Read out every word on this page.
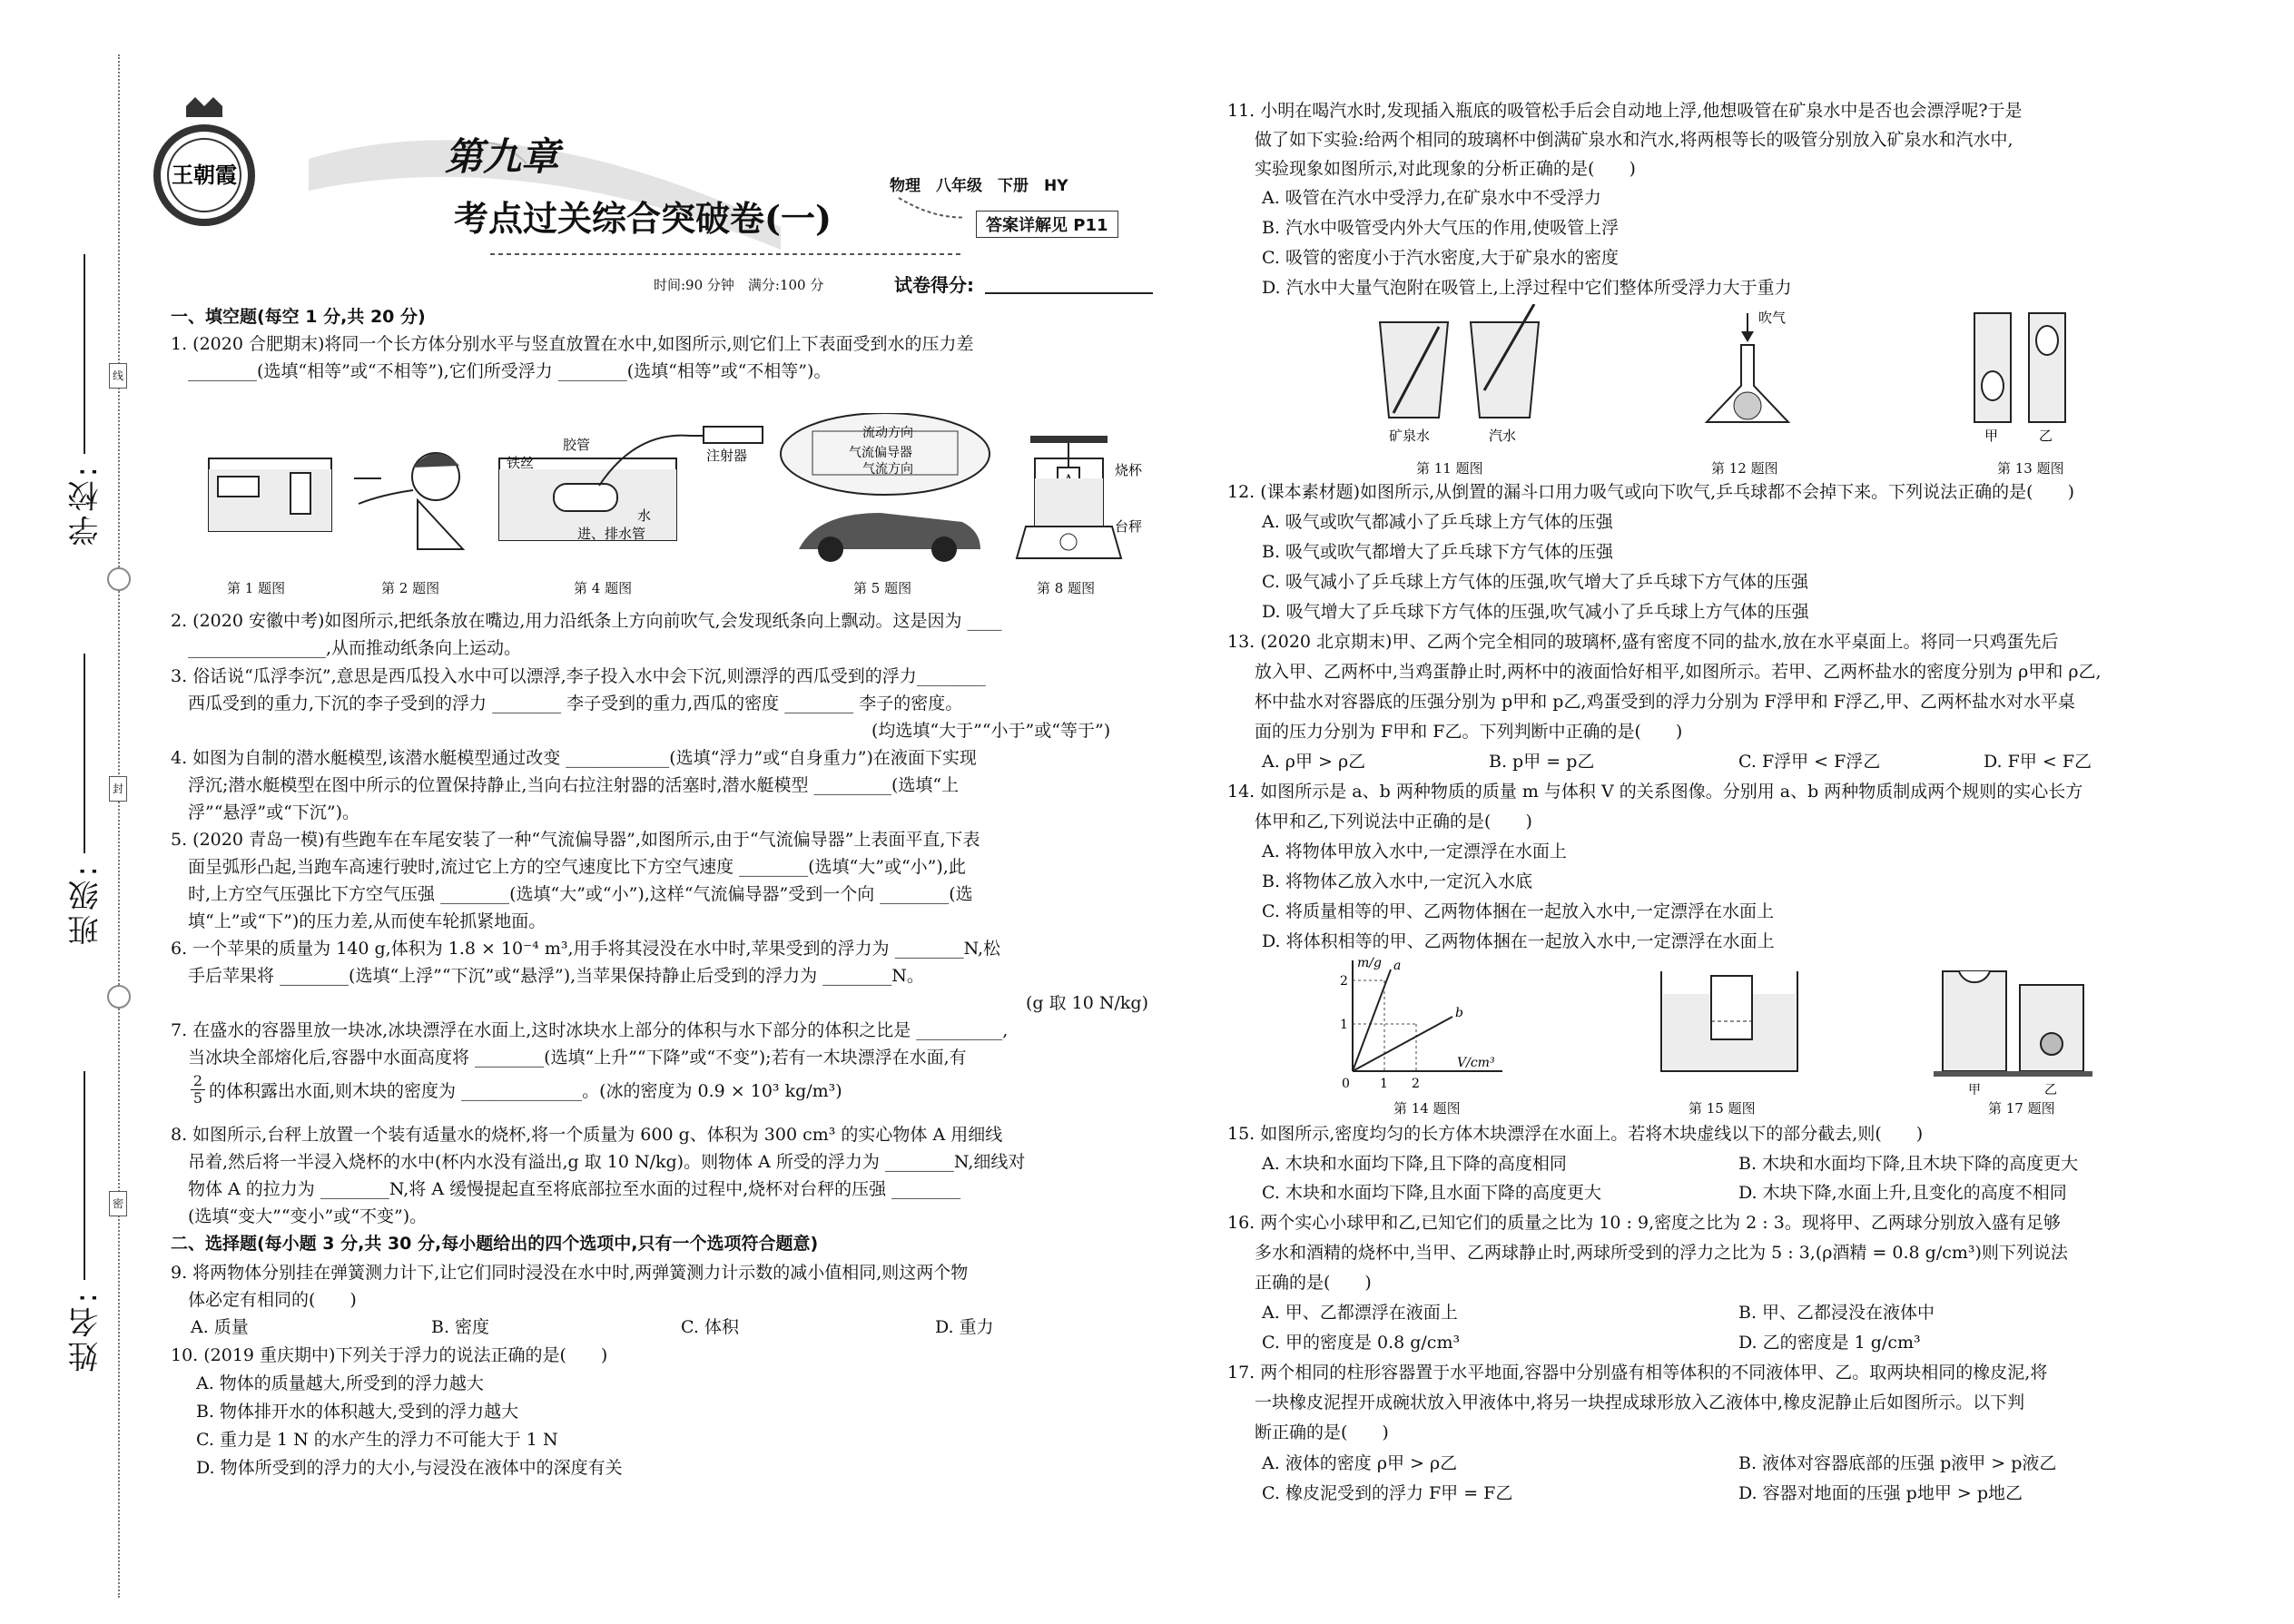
线
封
密
学校:
班级:
姓名:
王朝霞	第九章
考点过关综合突破卷(一)
物理　八年级　下册　HY
答案详解见 P11
时间:90 分钟　满分:100 分	试卷得分:
一、填空题(每空 1 分,共 20 分)
1. (2020 合肥期末)将同一个长方体分别水平与竖直放置在水中,如图所示,则它们上下表面受到水的压力差
________(选填“相等”或“不相等”),它们所受浮力 ________(选填“相等”或“不相等”)。
胶管
铁丝	注射器
水
进、排水管
流动方向
气流偏导器
气流方向	烧杯
台秤
第 1 题图	第 2 题图	第 4 题图	第 5 题图	第 8 题图
2. (2020 安徽中考)如图所示,把纸条放在嘴边,用力沿纸条上方向前吹气,会发现纸条向上飘动。这是因为 ____
________________,从而推动纸条向上运动。
3. 俗话说“瓜浮李沉”,意思是西瓜投入水中可以漂浮,李子投入水中会下沉,则漂浮的西瓜受到的浮力________
西瓜受到的重力,下沉的李子受到的浮力 ________ 李子受到的重力,西瓜的密度 ________ 李子的密度。
(均选填“大于”“小于”或“等于”)
4. 如图为自制的潜水艇模型,该潜水艇模型通过改变 ____________(选填“浮力”或“自身重力”)在液面下实现
浮沉;潜水艇模型在图中所示的位置保持静止,当向右拉注射器的活塞时,潜水艇模型 _________(选填“上
浮”“悬浮”或“下沉”)。
5. (2020 青岛一模)有些跑车在车尾安装了一种“气流偏导器”,如图所示,由于“气流偏导器”上表面平直,下表
面呈弧形凸起,当跑车高速行驶时,流过它上方的空气速度比下方空气速度 ________(选填“大”或“小”),此
时,上方空气压强比下方空气压强 ________(选填“大”或“小”),这样“气流偏导器”受到一个向 ________(选
填“上”或“下”)的压力差,从而使车轮抓紧地面。
6. 一个苹果的质量为 140 g,体积为 1.8 × 10⁻⁴ m³,用手将其浸没在水中时,苹果受到的浮力为 ________N,松
手后苹果将 ________(选填“上浮”“下沉”或“悬浮”),当苹果保持静止后受到的浮力为 ________N。
(g 取 10 N/kg)
7. 在盛水的容器里放一块冰,冰块漂浮在水面上,这时冰块水上部分的体积与水下部分的体积之比是 __________,
当冰块全部熔化后,容器中水面高度将 ________(选填“上升”“下降”或“不变”);若有一木块漂浮在水面,有
$\frac{2}{5}$ 的体积露出水面,则木块的密度为 ______________。(冰的密度为 0.9 × 10³ kg/m³)
8. 如图所示,台秤上放置一个装有适量水的烧杯,将一个质量为 600 g、体积为 300 cm³ 的实心物体 A 用细线
吊着,然后将一半浸入烧杯的水中(杯内水没有溢出,g 取 10 N/kg)。则物体 A 所受的浮力为 ________N,细线对
物体 A 的拉力为 ________N,将 A 缓慢提起直至将底部拉至水面的过程中,烧杯对台秤的压强 ________
(选填“变大”“变小”或“不变”)。
二、选择题(每小题 3 分,共 30 分,每小题给出的四个选项中,只有一个选项符合题意)
9. 将两物体分别挂在弹簧测力计下,让它们同时浸没在水中时,两弹簧测力计示数的减小值相同,则这两个物
体必定有相同的(　　)
A. 质量	B. 密度	C. 体积	D. 重力
10. (2019 重庆期中)下列关于浮力的说法正确的是(　　)
A. 物体的质量越大,所受到的浮力越大
B. 物体排开水的体积越大,受到的浮力越大
C. 重力是 1 N 的水产生的浮力不可能大于 1 N
D. 物体所受到的浮力的大小,与浸没在液体中的深度有关
11. 小明在喝汽水时,发现插入瓶底的吸管松手后会自动地上浮,他想吸管在矿泉水中是否也会漂浮呢?于是
做了如下实验:给两个相同的玻璃杯中倒满矿泉水和汽水,将两根等长的吸管分别放入矿泉水和汽水中,
实验现象如图所示,对此现象的分析正确的是(　　)
A. 吸管在汽水中受浮力,在矿泉水中不受浮力
B. 汽水中吸管受内外大气压的作用,使吸管上浮
C. 吸管的密度小于汽水密度,大于矿泉水的密度
D. 汽水中大量气泡附在吸管上,上浮过程中它们整体所受浮力大于重力
矿泉水	汽水
吹气
甲	乙
第 11 题图	第 12 题图	第 13 题图
12. (课本素材题)如图所示,从倒置的漏斗口用力吸气或向下吹气,乒乓球都不会掉下来。下列说法正确的是(　　)
A. 吸气或吹气都减小了乒乓球上方气体的压强
B. 吸气或吹气都增大了乒乓球下方气体的压强
C. 吸气减小了乒乓球上方气体的压强,吹气增大了乒乓球下方气体的压强
D. 吸气增大了乒乓球下方气体的压强,吹气减小了乒乓球上方气体的压强
13. (2020 北京期末)甲、乙两个完全相同的玻璃杯,盛有密度不同的盐水,放在水平桌面上。将同一只鸡蛋先后
放入甲、乙两杯中,当鸡蛋静止时,两杯中的液面恰好相平,如图所示。若甲、乙两杯盐水的密度分别为 ρ甲和 ρ乙,
杯中盐水对容器底的压强分别为 p甲和 p乙,鸡蛋受到的浮力分别为 F浮甲和 F浮乙,甲、乙两杯盐水对水平桌
面的压力分别为 F甲和 F乙。下列判断中正确的是(　　)
A. ρ甲 > ρ乙	B. p甲 = p乙	C. F浮甲 < F浮乙	D. F甲 < F乙
14. 如图所示是 a、b 两种物质的质量 m 与体积 V 的关系图像。分别用 a、b 两种物质制成两个规则的实心长方
体甲和乙,下列说法中正确的是(　　)
A. 将物体甲放入水中,一定漂浮在水面上
B. 将物体乙放入水中,一定沉入水底
C. 将质量相等的甲、乙两物体捆在一起放入水中,一定漂浮在水面上
D. 将体积相等的甲、乙两物体捆在一起放入水中,一定漂浮在水面上
m/g
V/cm³
1
2
1 2
0
a
b
甲	乙
第 14 题图	第 15 题图	第 17 题图
15. 如图所示,密度均匀的长方体木块漂浮在水面上。若将木块虚线以下的部分截去,则(　　)
A. 木块和水面均下降,且下降的高度相同	B. 木块和水面均下降,且木块下降的高度更大
C. 木块和水面均下降,且水面下降的高度更大	D. 木块下降,水面上升,且变化的高度不相同
16. 两个实心小球甲和乙,已知它们的质量之比为 10 : 9,密度之比为 2 : 3。现将甲、乙两球分别放入盛有足够
多水和酒精的烧杯中,当甲、乙两球静止时,两球所受到的浮力之比为 5 : 3,(ρ酒精 = 0.8 g/cm³)则下列说法
正确的是(　　)
A. 甲、乙都漂浮在液面上	B. 甲、乙都浸没在液体中
C. 甲的密度是 0.8 g/cm³	D. 乙的密度是 1 g/cm³
17. 两个相同的柱形容器置于水平地面,容器中分别盛有相等体积的不同液体甲、乙。取两块相同的橡皮泥,将
一块橡皮泥捏开成碗状放入甲液体中,将另一块捏成球形放入乙液体中,橡皮泥静止后如图所示。以下判
断正确的是(　　)
A. 液体的密度 ρ甲 > ρ乙	B. 液体对容器底部的压强 p液甲 > p液乙
C. 橡皮泥受到的浮力 F甲 = F乙	D. 容器对地面的压强 p地甲 > p地乙
